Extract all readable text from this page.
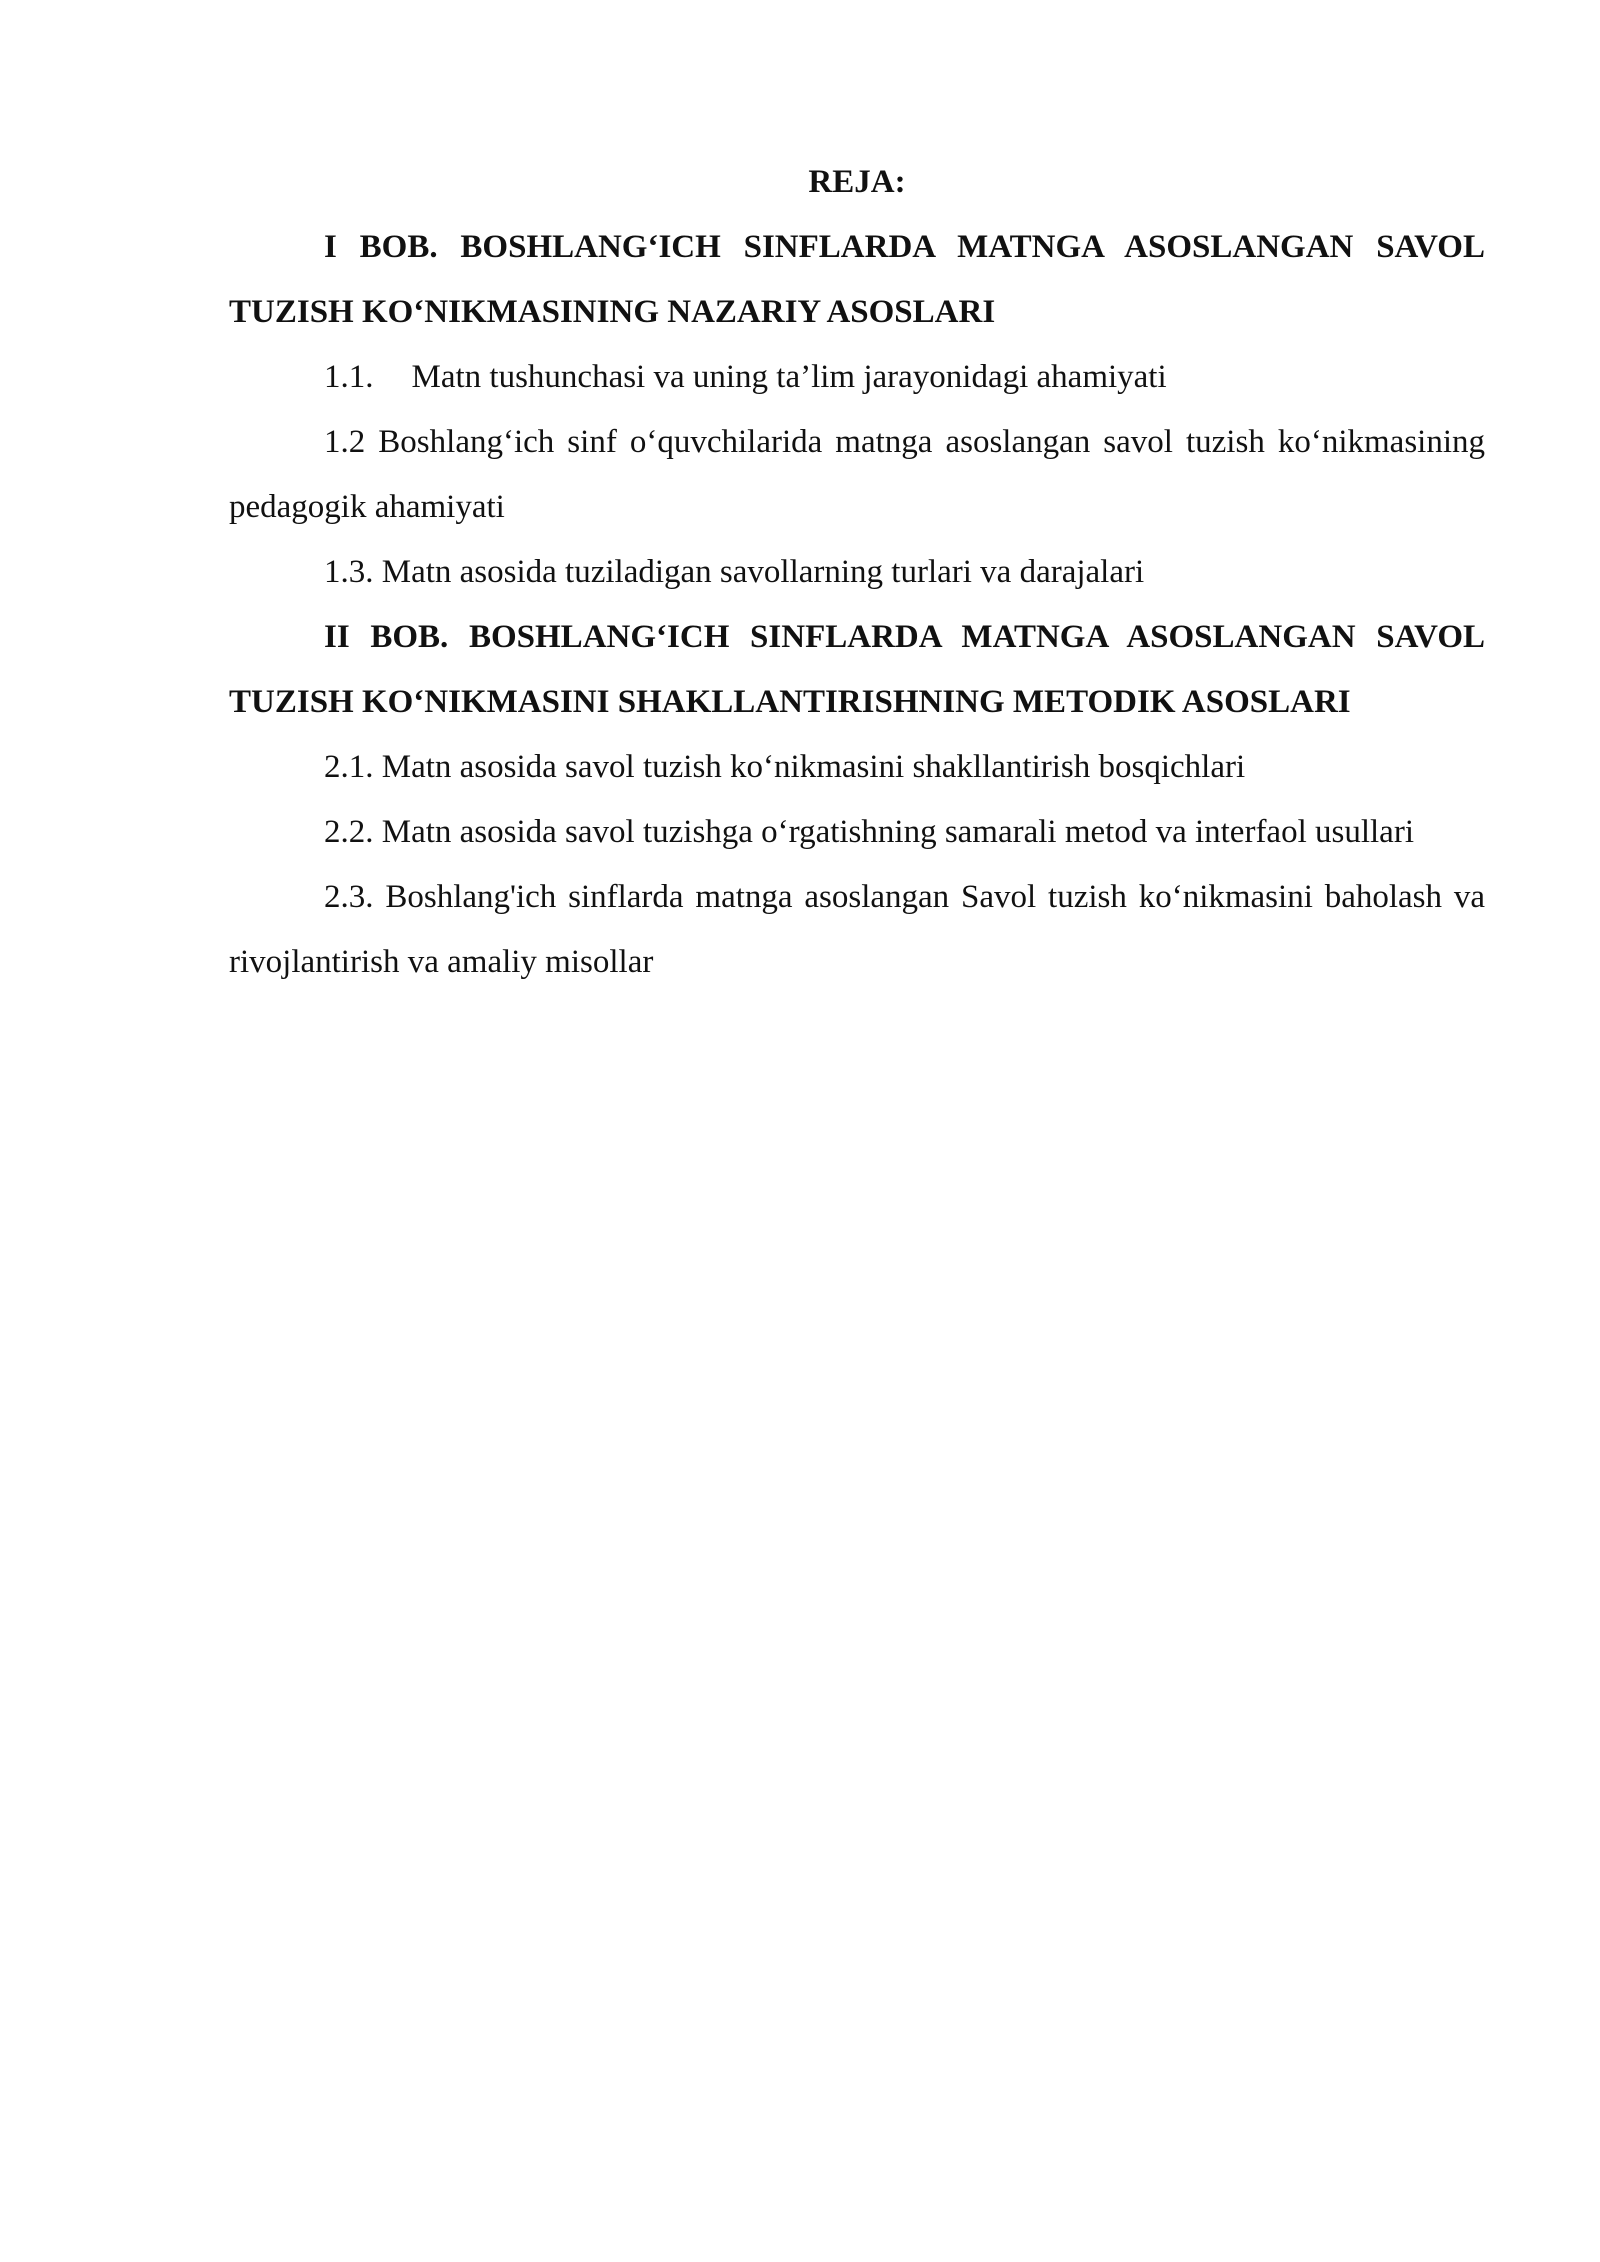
REJA:

I BOB. BOSHLANG‘ICH SINFLARDA MATNGA ASOSLANGAN SAVOL TUZISH KO‘NIKMASINING NAZARIY ASOSLARI

1.1. Matn tushunchasi va uning ta’lim jarayonidagi ahamiyati

1.2 Boshlang‘ich sinf o‘quvchilarida matnga asoslangan savol tuzish ko‘nikmasining pedagogik ahamiyati

1.3. Matn asosida tuziladigan savollarning turlari va darajalari

II BOB. BOSHLANG‘ICH SINFLARDA MATNGA ASOSLANGAN SAVOL TUZISH KO‘NIKMASINI SHAKLLANTIRISHNING METODIK ASOSLARI

2.1. Matn asosida savol tuzish ko‘nikmasini shakllantirish bosqichlari

2.2. Matn asosida savol tuzishga o‘rgatishning samarali metod va interfaol usullari

2.3. Boshlang'ich sinflarda matnga asoslangan Savol tuzish ko‘nikmasini baholash va rivojlantirish va amaliy misollar
